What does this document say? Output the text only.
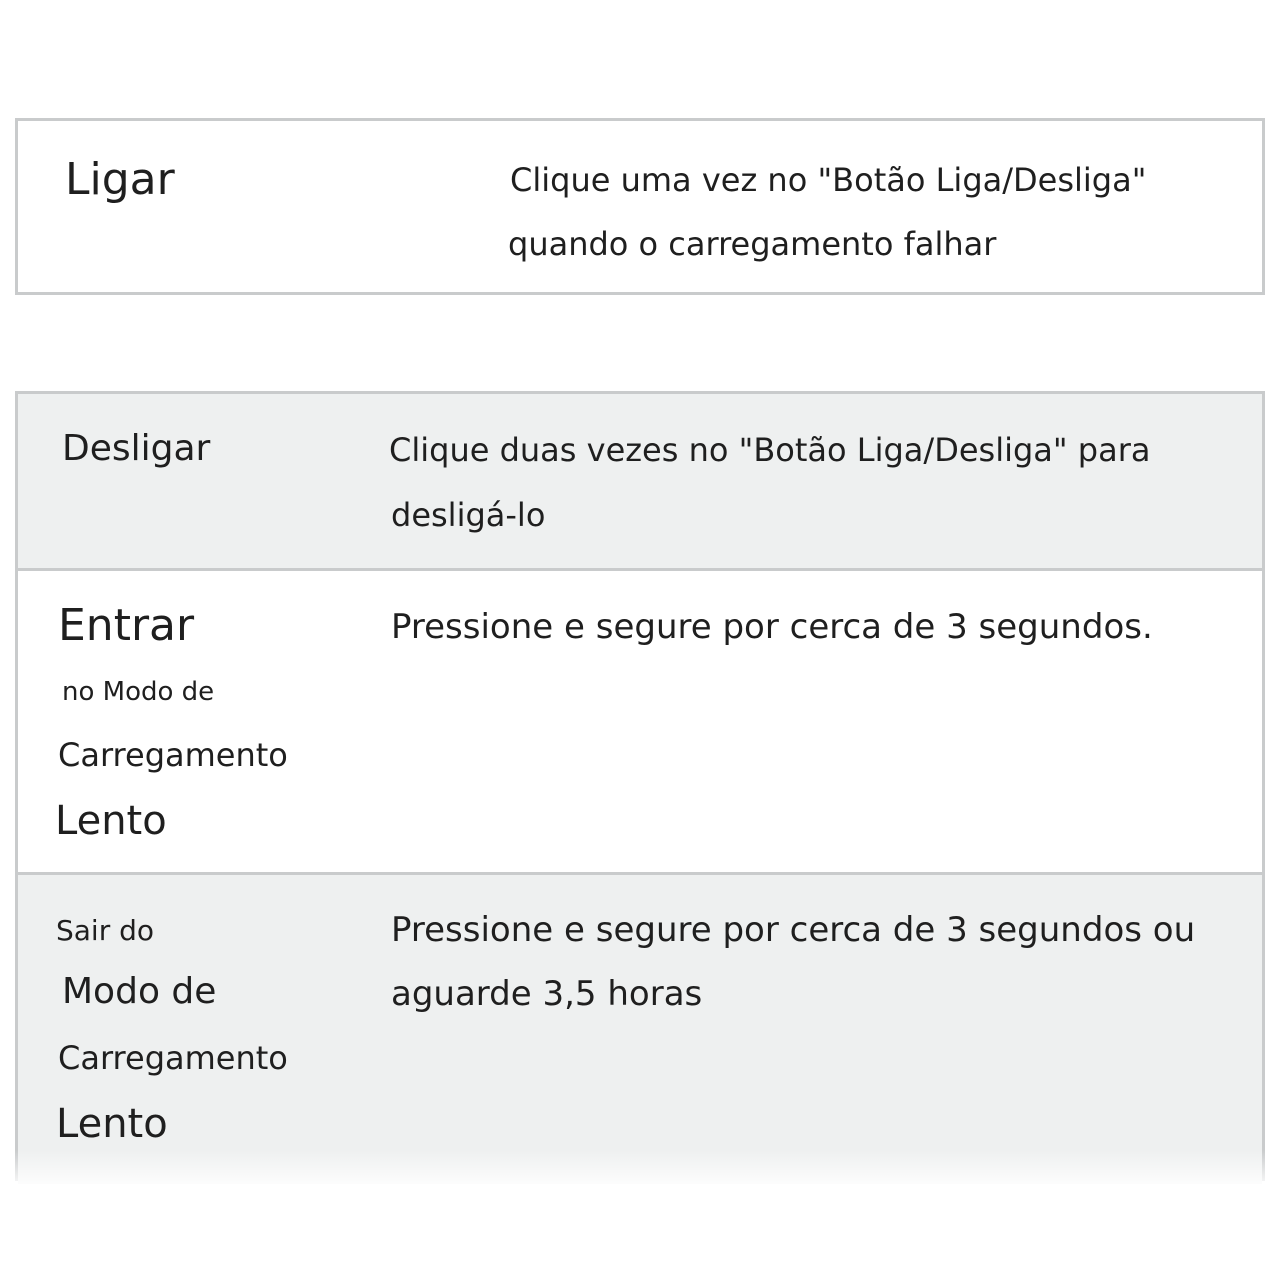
Ligar	Clique uma vez no "Botão Liga/Desliga"

quando o carregamento falhar

Desligar	Clique duas vezes no "Botão Liga/Desliga" para

desligá-lo

Entrar

no Modo de

Carregamento

Lento

Pressione e segure por cerca de 3 segundos.

Sair do

Modo de

Carregamento

Lento

Pressione e segure por cerca de 3 segundos ou

aguarde 3,5 horas
